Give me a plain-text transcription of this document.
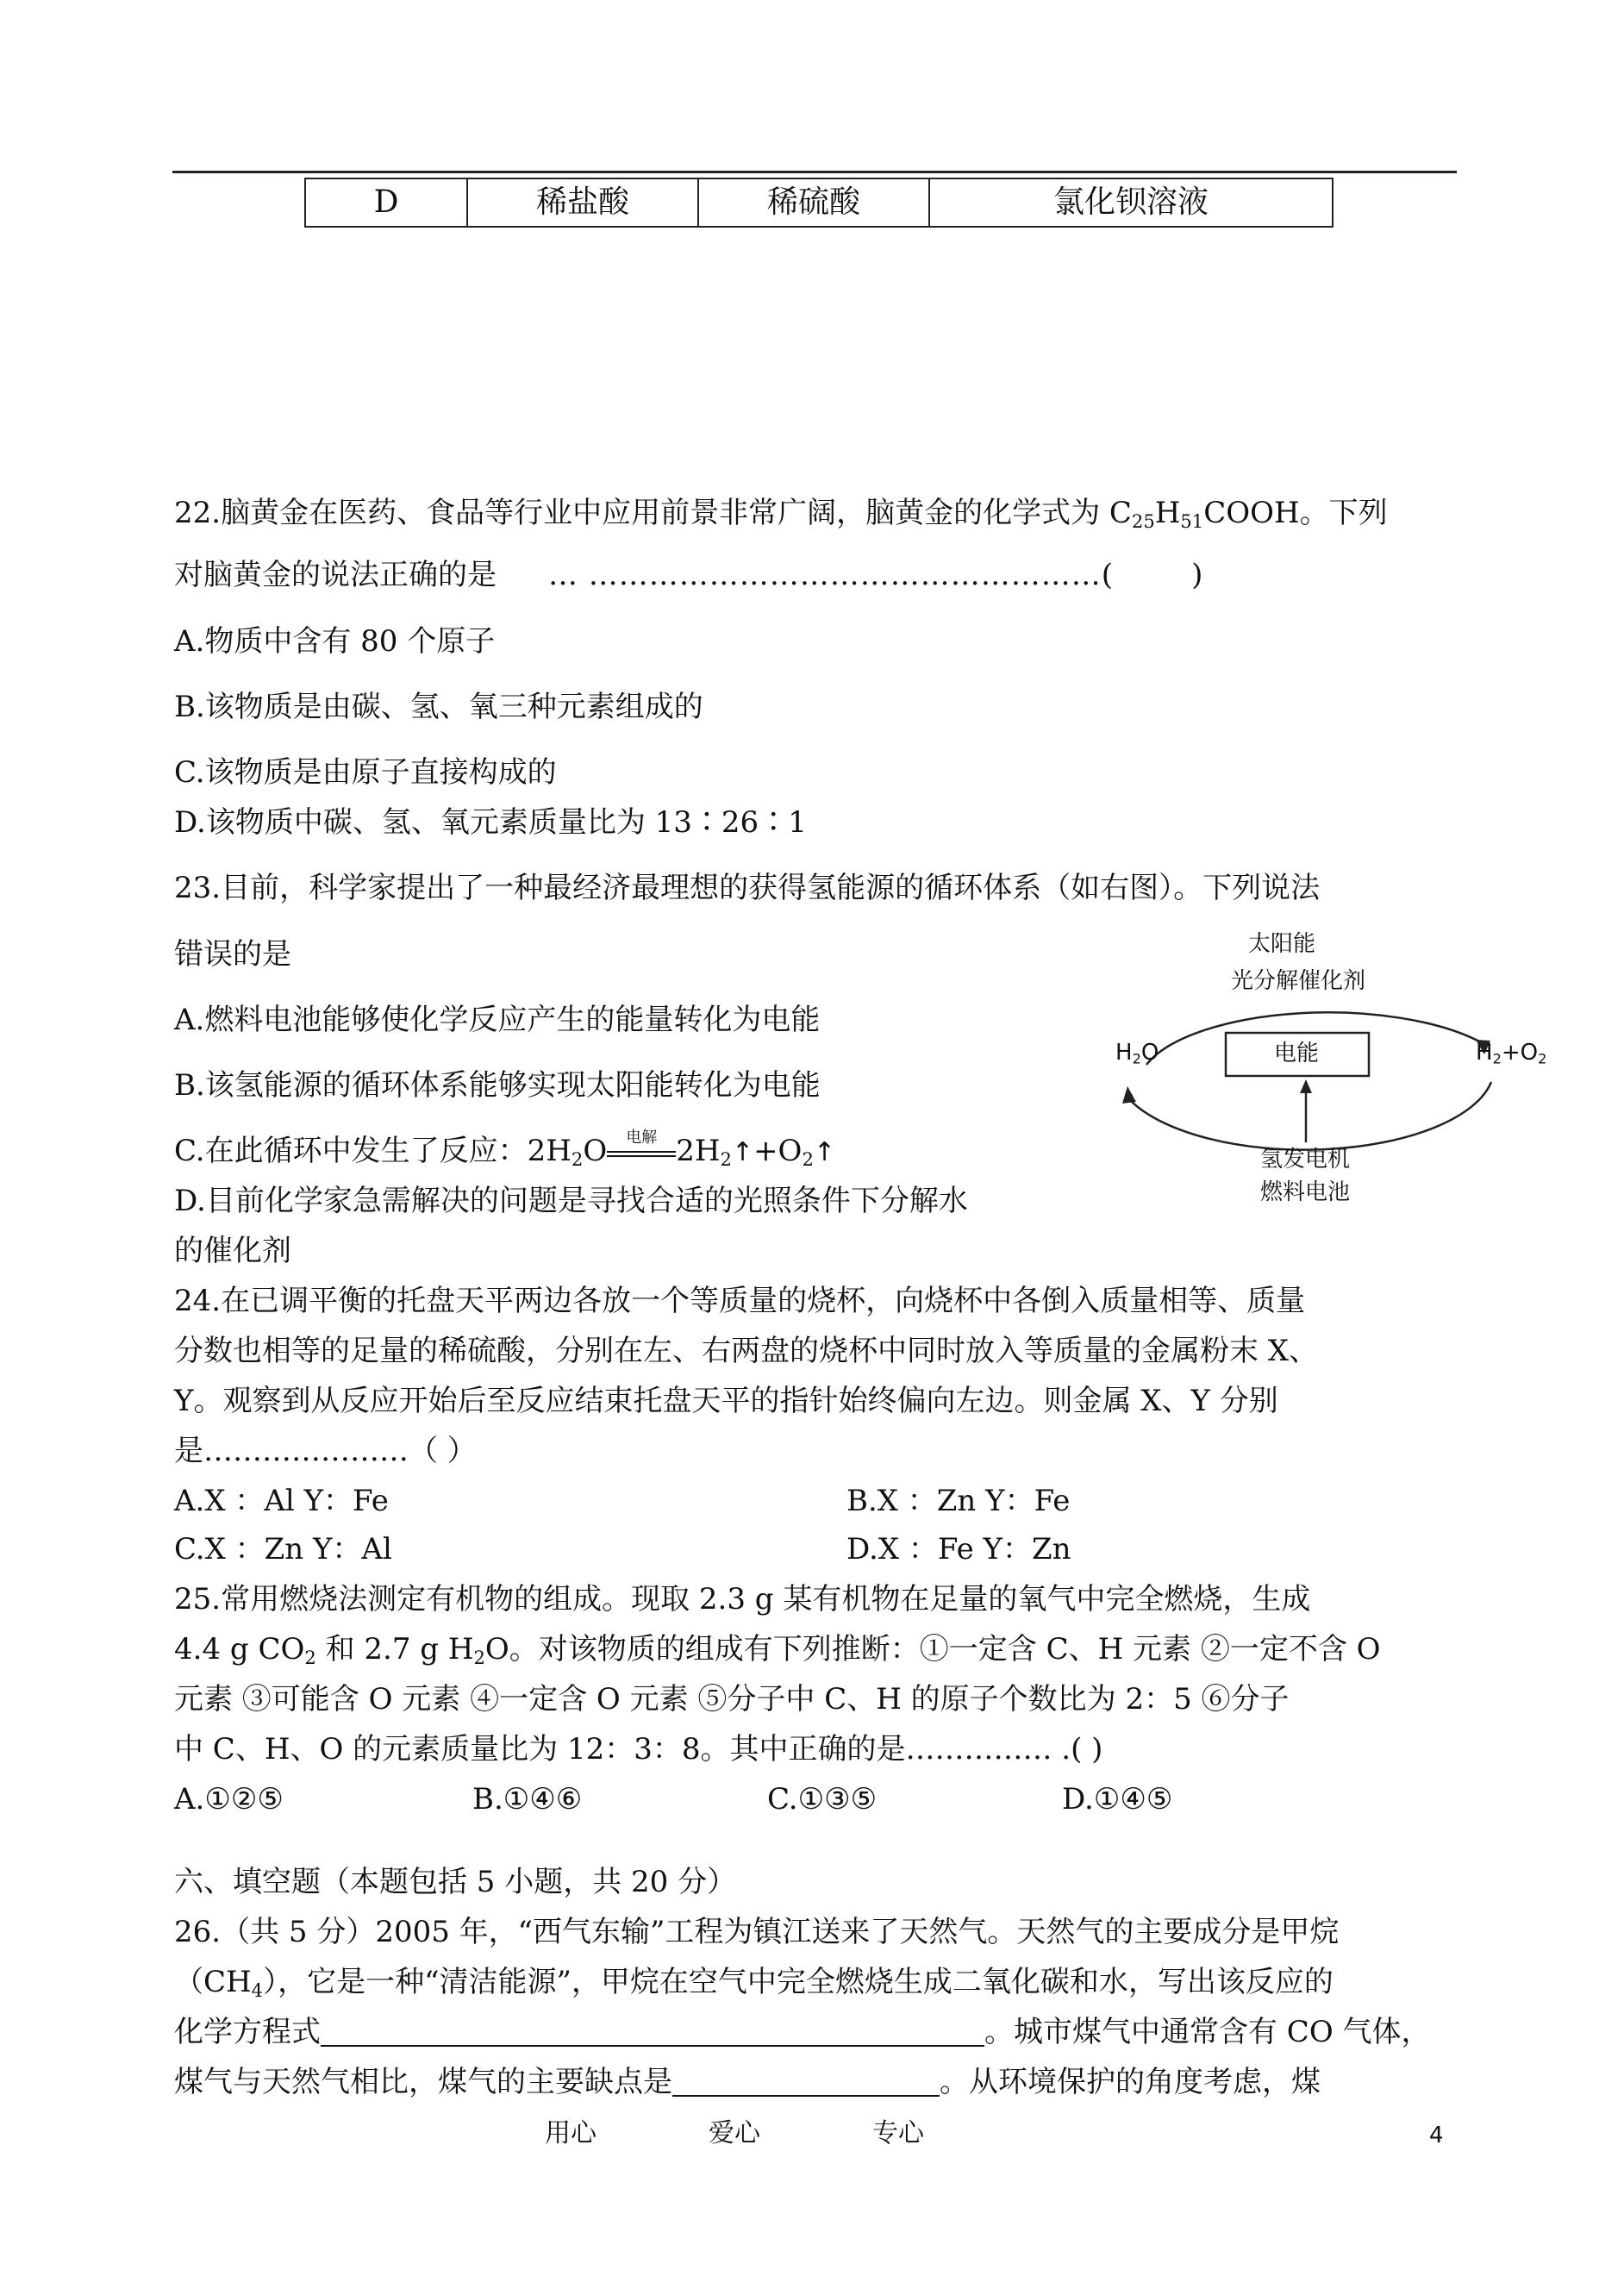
D	稀盐酸	稀硫酸	氯化钡溶液
22.脑黄金在医药、食品等行业中应用前景非常广阔，脑黄金的化学式为 $C_{25}H_{51}COOH$。下列
对脑黄金的说法正确的是 … ……………………………………………(	)
A.物质中含有 80 个原子
B.该物质是由碳、氢、氧三种元素组成的
C.该物质是由原子直接构成的
D.该物质中碳、氢、氧元素质量比为 13∶26∶1
23.目前，科学家提出了一种最经济最理想的获得氢能源的循环体系（如右图）。下列说法
错误的是
A.燃料电池能够使化学反应产生的能量转化为电能
B.该氢能源的循环体系能够实现太阳能转化为电能
C.在此循环中发生了反应：$2H_2O$	电解 $2H_2↑+O_2↑$
D.目前化学家急需解决的问题是寻找合适的光照条件下分解水
的催化剂
太阳能
光分解催化剂
$H_2O$	$H_2+O_2$
电能
氢发电机
燃料电池
24.在已调平衡的托盘天平两边各放一个等质量的烧杯，向烧杯中各倒入质量相等、质量
分数也相等的足量的稀硫酸，分别在左、右两盘的烧杯中同时放入等质量的金属粉末 X、
Y。观察到从反应开始后至反应结束托盘天平的指针始终偏向左边。则金属 X、Y 分别
是…………………（ ）
A.X ：Al Y：Fe	B.X ：Zn Y：Fe
C.X ：Zn Y：Al	D.X ：Fe Y：Zn
25.常用燃烧法测定有机物的组成。现取 2.3 g 某有机物在足量的氧气中完全燃烧，生成
4.4 g $CO_2$ 和 2.7 g $H_2O$。对该物质的组成有下列推断：①一定含 C、H 元素 ②一定不含 O
元素 ③可能含 O 元素 ④一定含 O 元素 ⑤分子中 C、H 的原子个数比为 2：5 ⑥分子
中 C、H、O 的元素质量比为 12：3：8。其中正确的是…………… .( )
A.①②⑤	B.①④⑥	C.①③⑤	D.①④⑤
六、填空题（本题包括 5 小题，共 20 分）
26.（共 5 分）2005 年，“西气东输”工程为镇江送来了天然气。天然气的主要成分是甲烷
$(CH_4)$，它是一种“清洁能源”，甲烷在空气中完全燃烧生成二氧化碳和水，写出该反应的
化学方程式	。城市煤气中通常含有 CO 气体，
煤气与天然气相比，煤气的主要缺点是	。从环境保护的角度考虑，煤
用心	爱心	专心	4
